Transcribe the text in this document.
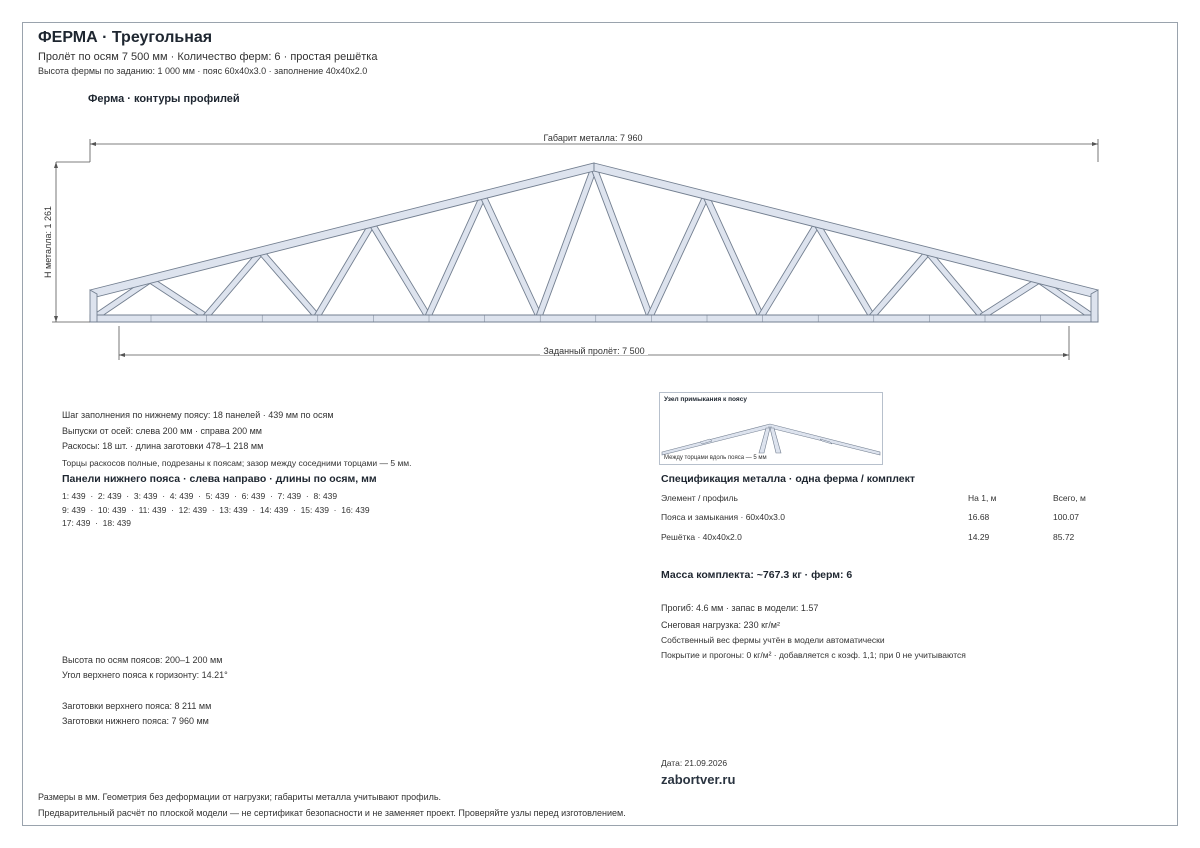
ФЕРМА · Треугольная
Пролёт по осям 7 500 мм · Количество ферм: 6 · простая решётка
Высота фермы по заданию: 1 000 мм · пояс 60x40x3.0 · заполнение 40x40x2.0
Ферма · контуры профилей
Габарит металла: 7 960
H металла: 1 261
Заданный пролёт: 7 500
Шаг заполнения по нижнему поясу: 18 панелей · 439 мм по осям
Выпуски от осей: слева 200 мм · справа 200 мм
Раскосы: 18 шт. · длина заготовки 478–1 218 мм
Торцы раскосов полные, подрезаны к поясам; зазор между соседними торцами — 5 мм.
Панели нижнего пояса · слева направо · длины по осям, мм
1: 439  ·  2: 439  ·  3: 439  ·  4: 439  ·  5: 439  ·  6: 439  ·  7: 439  ·  8: 439
9: 439  ·  10: 439  ·  11: 439  ·  12: 439  ·  13: 439  ·  14: 439  ·  15: 439  ·  16: 439
17: 439  ·  18: 439
Высота по осям поясов: 200–1 200 мм
Угол верхнего пояса к горизонту: 14.21°
Заготовки верхнего пояса: 8 211 мм
Заготовки нижнего пояса: 7 960 мм
Узел примыкания к поясу
Между торцами вдоль пояса — 5 мм
Спецификация металла · одна ферма / комплект
Элемент / профиль	На 1, м	Всего, м
Пояса и замыкания · 60x40x3.0	16.68	100.07
Решётка · 40x40x2.0	14.29	85.72
Масса комплекта: ~767.3 кг · ферм: 6
Прогиб: 4.6 мм · запас в модели: 1.57
Снеговая нагрузка: 230 кг/м²
Собственный вес фермы учтён в модели автоматически
Покрытие и прогоны: 0 кг/м² · добавляется с коэф. 1,1; при 0 не учитываются
Дата: 21.09.2026
zabortver.ru
Размеры в мм. Геометрия без деформации от нагрузки; габариты металла учитывают профиль.
Предварительный расчёт по плоской модели — не сертификат безопасности и не заменяет проект. Проверяйте узлы перед изготовлением.
